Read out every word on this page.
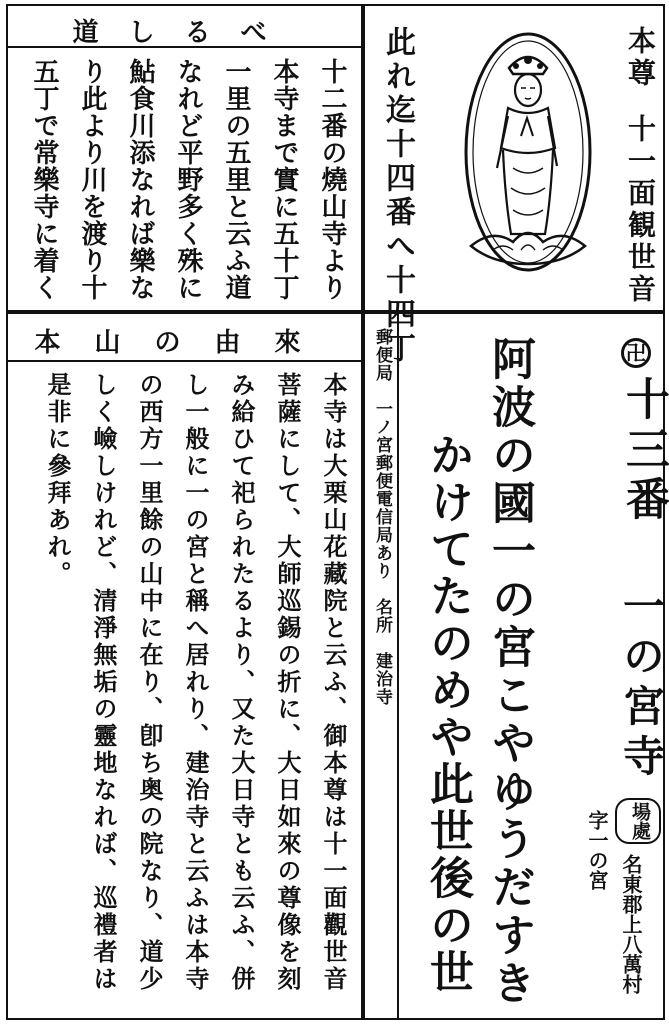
道しるべ
十二番の燒山寺より
本寺まで實に五十丁
一里の五里と云ふ道
なれど平野多く殊に
鮎食川添なれば樂な
り此より川を渡り十
五丁で常樂寺に着く	本尊
十一面観世音
此れ迄十四番へ十四丁
本山の由來
本寺は大栗山花藏院と云ふ、御本尊は十一面觀世音
菩薩にして、大師巡錫の折に、大日如來の尊像を刻
み給ひて祀られたるより、又た大日寺とも云ふ、併
し一般に一の宮と稱へ居れり、建治寺と云ふは本寺
の西方一里餘の山中に在り、卽ち奥の院なり、道少
しく嶮しけれど、清淨無垢の靈地なれば、巡禮者は
是非に參拜あれ。	郵便局　一ノ宮郵便電信局あり　名所　建治寺	卍
十三番
一の宮寺
場處
名東郡上八萬村
字一の宮
阿波の國一の宮こやゆうだすき
かけてたのめや此世後の世
